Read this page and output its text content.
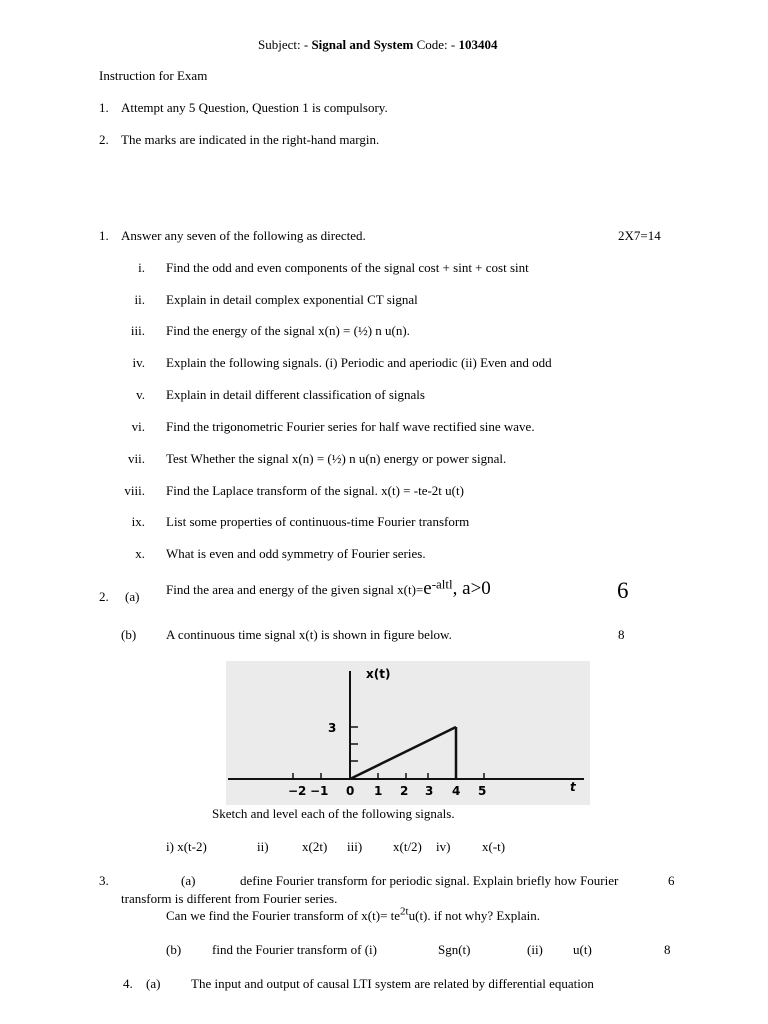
Subject: - Signal and System Code: - 103404
Instruction for Exam
1. Attempt any 5 Question, Question 1 is compulsory.
2. The marks are indicated in the right-hand margin.
1. Answer any seven of the following as directed.	2X7=14
i. Find the odd and even components of the signal cost + sint + cost sint
ii. Explain in detail complex exponential CT signal
iii. Find the energy of the signal x(n) = (½) n u(n).
iv. Explain the following signals. (i) Periodic and aperiodic (ii) Even and odd
v. Explain in detail different classification of signals
vi. Find the trigonometric Fourier series for half wave rectified sine wave.
vii. Test Whether the signal x(n) = (½) n u(n) energy or power signal.
viii. Find the Laplace transform of the signal. x(t) = -te-2t u(t)
ix. List some properties of continuous-time Fourier transform
x. What is even and odd symmetry of Fourier series.
2. (a) Find the area and energy of the given signal $x(t)=e^{-altl}$, a>0	6
(b) A continuous time signal x(t) is shown in figure below.	8
x(t)
3
t
−2 −1 0 1 2 3 4 5
Sketch and level each of the following signals.
i) x(t-2)	ii)	x(2t) iii) x(t/2) iv) x(-t)
3.	(a)	define Fourier transform for periodic signal. Explain briefly how Fourier	6
transform is different from Fourier series.
Can we find the Fourier transform of $x(t)= te^{2t}u(t)$. if not why? Explain.
(b) find the Fourier transform of (i)	Sgn(t)	(ii) u(t)	8
4. (a) The input and output of causal LTI system are related by differential equation
